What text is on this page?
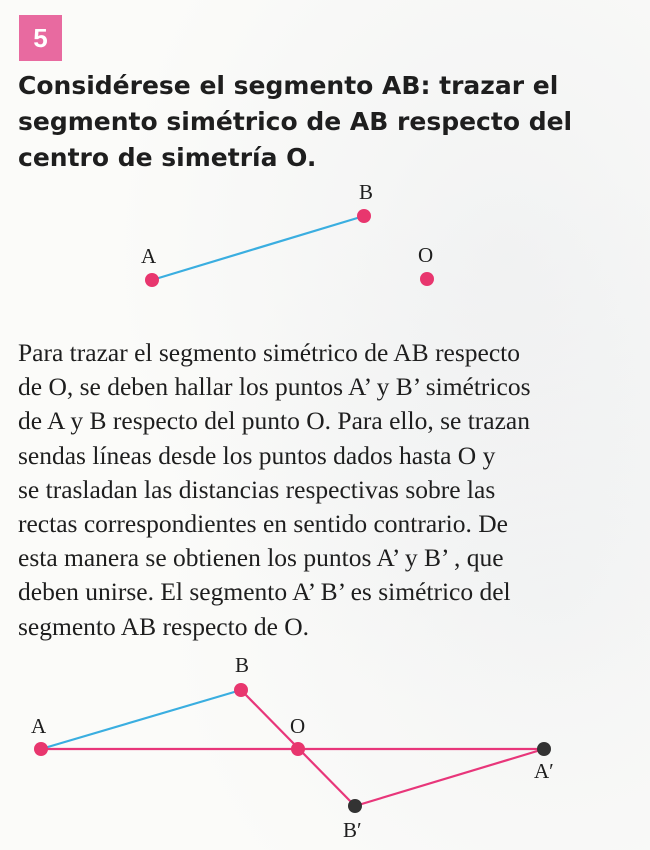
5

Considérese el segmento AB: trazar el segmento simétrico de AB respecto del centro de simetría O.

A
B
O
Para trazar el segmento simétrico de AB respecto
de O, se deben hallar los puntos A’ y B’ simétricos
de A y B respecto del punto O. Para ello, se trazan
sendas líneas desde los puntos dados hasta O y
se trasladan las distancias respectivas sobre las
rectas correspondientes en sentido contrario. De
esta manera se obtienen los puntos A’ y B’ , que
deben unirse. El segmento A’ B’ es simétrico del
segmento AB respecto de O.
A
B
O
A′
B′
